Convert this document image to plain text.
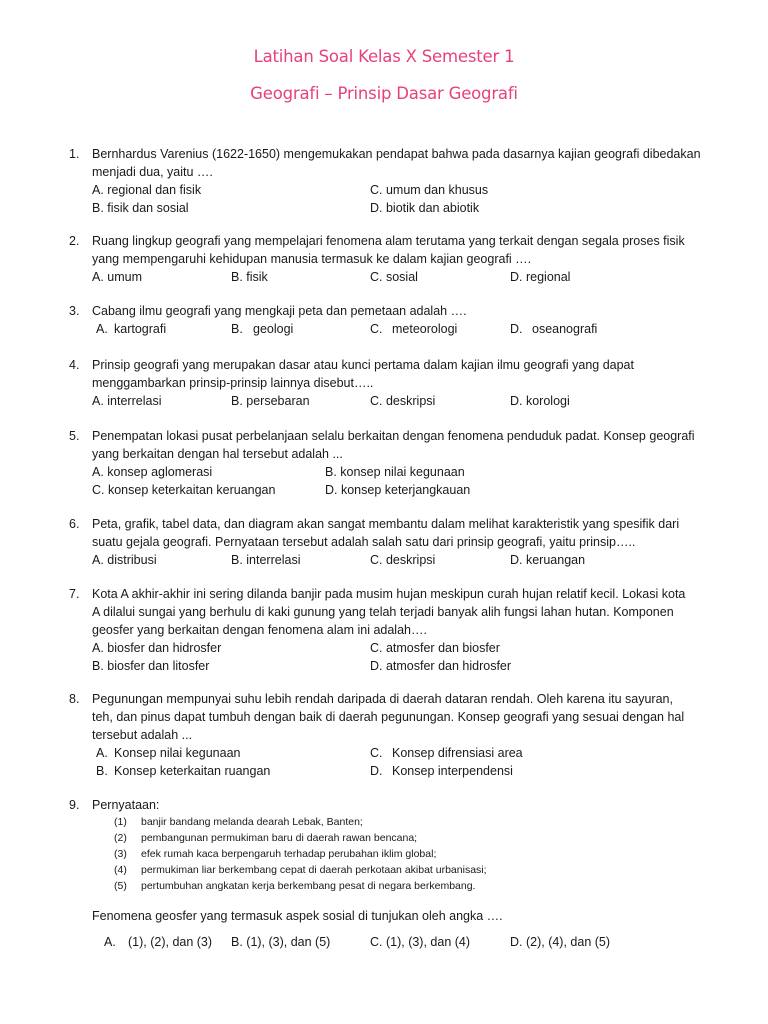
Latihan Soal Kelas X Semester 1
Geografi – Prinsip Dasar Geografi
1.	Bernhardus Varenius (1622-1650) mengemukakan pendapat bahwa pada dasarnya kajian geografi dibedakan
menjadi dua, yaitu ….
A. regional dan fisik	C. umum dan khusus
B. fisik dan sosial	D. biotik dan abiotik
2.	Ruang lingkup geografi yang mempelajari fenomena alam terutama yang terkait dengan segala proses fisik
yang mempengaruhi kehidupan manusia termasuk ke dalam kajian geografi ….
A. umum	B. fisik	C. sosial	D. regional
3.	Cabang ilmu geografi yang mengkaji peta dan pemetaan adalah ….
A. kartografi	B. geologi	C. meteorologi	D. oseanografi
4.	Prinsip geografi yang merupakan dasar atau kunci pertama dalam kajian ilmu geografi yang dapat
menggambarkan prinsip-prinsip lainnya disebut…..
A. interrelasi	B. persebaran	C. deskripsi	D. korologi
5.	Penempatan lokasi pusat perbelanjaan selalu berkaitan dengan fenomena penduduk padat. Konsep geografi
yang berkaitan dengan hal tersebut adalah ...
A. konsep aglomerasi	B. konsep nilai kegunaan
C. konsep keterkaitan keruangan	D. konsep keterjangkauan
6.	Peta, grafik, tabel data, dan diagram akan sangat membantu dalam melihat karakteristik yang spesifik dari
suatu gejala geografi. Pernyataan tersebut adalah salah satu dari prinsip geografi, yaitu prinsip…..
A. distribusi	B. interrelasi	C. deskripsi	D. keruangan
7.	Kota A akhir-akhir ini sering dilanda banjir pada musim hujan meskipun curah hujan relatif kecil. Lokasi kota
A dilalui sungai yang berhulu di kaki gunung yang telah terjadi banyak alih fungsi lahan hutan. Komponen
geosfer yang berkaitan dengan fenomena alam ini adalah….
A. biosfer dan hidrosfer	C. atmosfer dan biosfer
B. biosfer dan litosfer	D. atmosfer dan hidrosfer
8.	Pegunungan mempunyai suhu lebih rendah daripada di daerah dataran rendah. Oleh karena itu sayuran,
teh, dan pinus dapat tumbuh dengan baik di daerah pegunungan. Konsep geografi yang sesuai dengan hal
tersebut adalah ...
A. Konsep nilai kegunaan	C. Konsep difrensiasi area
B. Konsep keterkaitan ruangan	D. Konsep interpendensi
9.	Pernyataan:
(1) banjir bandang melanda dearah Lebak, Banten;
(2) pembangunan permukiman baru di daerah rawan bencana;
(3) efek rumah kaca berpengaruh terhadap perubahan iklim global;
(4) permukiman liar berkembang cepat di daerah perkotaan akibat urbanisasi;
(5) pertumbuhan angkatan kerja berkembang pesat di negara berkembang.
Fenomena geosfer yang termasuk aspek sosial di tunjukan oleh angka ….
A. (1), (2), dan (3) B. (1), (3), dan (5)	C. (1), (3), dan (4)	D. (2), (4), dan (5)
